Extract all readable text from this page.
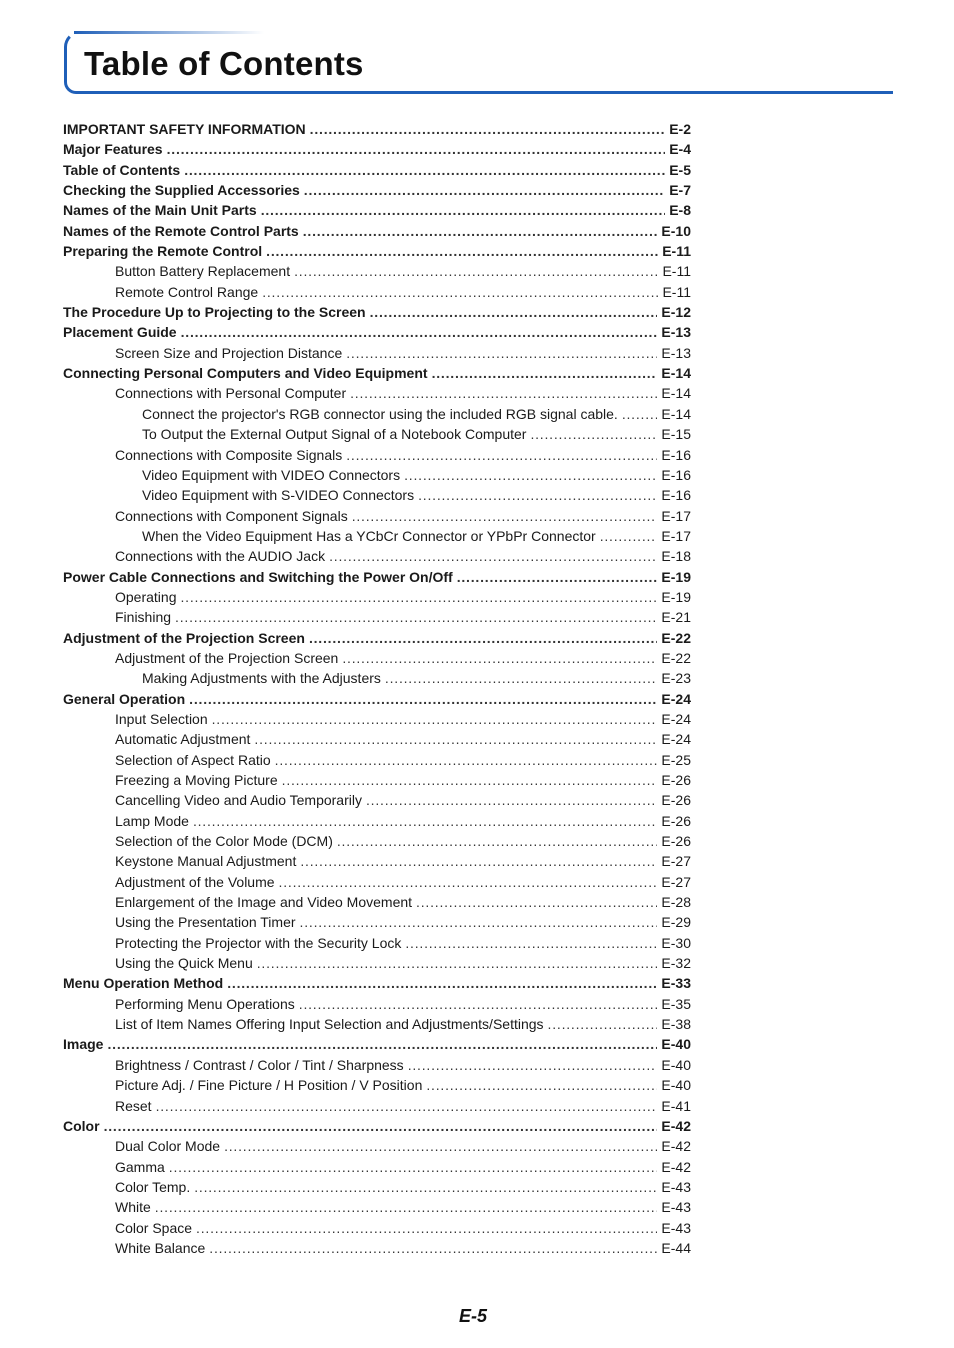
Table of Contents
IMPORTANT SAFETY INFORMATION . . .	E-2
Major Features . . .	E-4
Table of Contents . . .	E-5
Checking the Supplied Accessories . . .	E-7
Names of the Main Unit Parts . . .	E-8
Names of the Remote Control Parts . . .	E-10
Preparing the Remote Control . . .	E-11
Button Battery Replacement . . .	E-11
Remote Control Range . . .	E-11
The Procedure Up to Projecting to the Screen . . .	E-12
Placement Guide . . .	E-13
Screen Size and Projection Distance . . .	E-13
Connecting Personal Computers and Video Equipment . . .	E-14
Connections with Personal Computer . . .	E-14
Connect the projector's RGB connector using the included RGB signal cable. . . .	E-14
To Output the External Output Signal of a Notebook Computer . . .	E-15
Connections with Composite Signals . . .	E-16
Video Equipment with VIDEO Connectors . . .	E-16
Video Equipment with S-VIDEO Connectors . . .	E-16
Connections with Component Signals . . .	E-17
When the Video Equipment Has a YCbCr Connector or YPbPr Connector . . .	E-17
Connections with the AUDIO Jack . . .	E-18
Power Cable Connections and Switching the Power On/Off . . .	E-19
Operating . . .	E-19
Finishing . . .	E-21
Adjustment of the Projection Screen . . .	E-22
Adjustment of the Projection Screen . . .	E-22
Making Adjustments with the Adjusters . . .	E-23
General Operation . . .	E-24
Input Selection . . .	E-24
Automatic Adjustment . . .	E-24
Selection of Aspect Ratio . . .	E-25
Freezing a Moving Picture . . .	E-26
Cancelling Video and Audio Temporarily . . .	E-26
Lamp Mode . . .	E-26
Selection of the Color Mode (DCM) . . .	E-26
Keystone Manual Adjustment . . .	E-27
Adjustment of the Volume . . .	E-27
Enlargement of the Image and Video Movement . . .	E-28
Using the Presentation Timer . . .	E-29
Protecting the Projector with the Security Lock . . .	E-30
Using the Quick Menu . . .	E-32
Menu Operation Method . . .	E-33
Performing Menu Operations . . .	E-35
List of Item Names Offering Input Selection and Adjustments/Settings . . .	E-38
Image . . .	E-40
Brightness / Contrast / Color / Tint / Sharpness . . .	E-40
Picture Adj. / Fine Picture / H Position / V Position . . .	E-40
Reset . . .	E-41
Color . . .	E-42
Dual Color Mode . . .	E-42
Gamma . . .	E-42
Color Temp. . . .	E-43
White . . .	E-43
Color Space . . .	E-43
White Balance . . .	E-44
E-5
